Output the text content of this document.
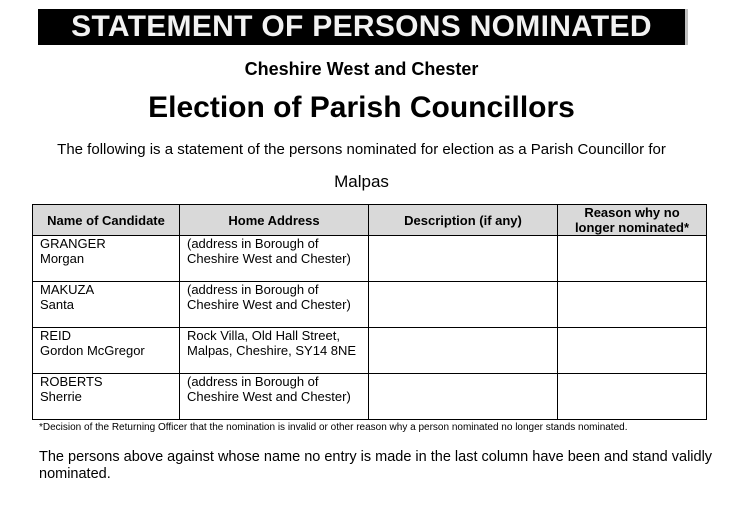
STATEMENT OF PERSONS NOMINATED
Cheshire West and Chester
Election of Parish Councillors
The following is a statement of the persons nominated for election as a Parish Councillor for
Malpas
Name of Candidate	Home Address	Description (if any)	Reason why no longer nominated*

GRANGER
Morgan	(address in Borough of
Cheshire West and Chester)		

MAKUZA
Santa	(address in Borough of
Cheshire West and Chester)		

REID
Gordon McGregor	Rock Villa, Old Hall Street,
Malpas, Cheshire, SY14 8NE		

ROBERTS
Sherrie	(address in Borough of
Cheshire West and Chester)		

*Decision of the Returning Officer that the nomination is invalid or other reason why a person nominated no longer stands nominated.
The persons above against whose name no entry is made in the last column have been and stand validly nominated.
